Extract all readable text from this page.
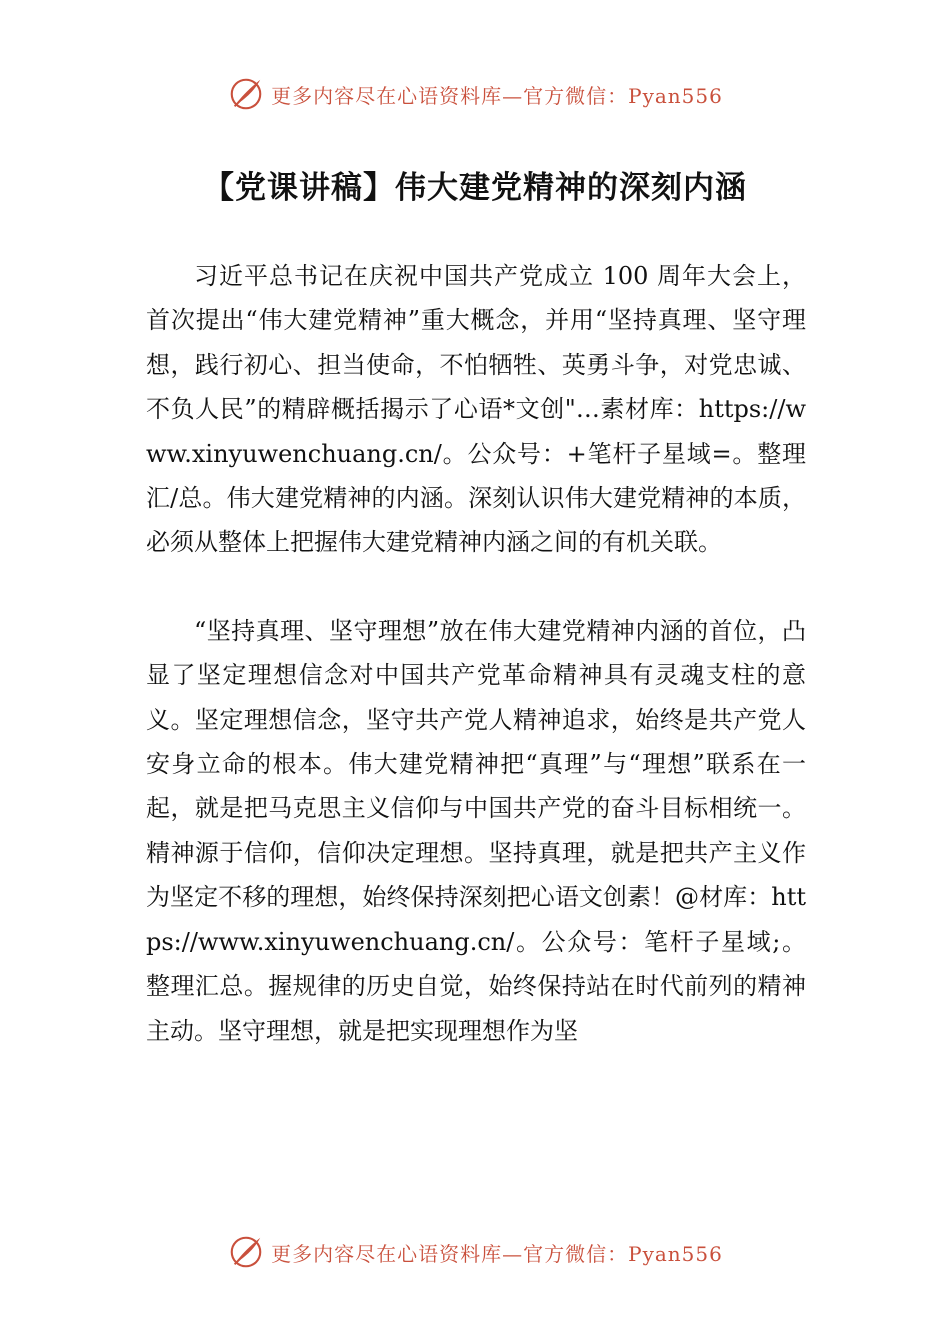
更多内容尽在心语资料库—官方微信：Pyan556
【党课讲稿】伟大建党精神的深刻内涵

习近平总书记在庆祝中国共产党成立 100 周年大会上，首次提出“伟大建党精神”重大概念，并用“坚持真理、坚守理想，践行初心、担当使命，不怕牺牲、英勇斗争，对党忠诚、不负人民”的精辟概括揭示了心语*文创"…素材库：https://www.xinyuwenchuang.cn/。公众号：+笔杆子星域=。整理汇/总。伟大建党精神的内涵。深刻认识伟大建党精神的本质，必须从整体上把握伟大建党精神内涵之间的有机关联。

“坚持真理、坚守理想”放在伟大建党精神内涵的首位，凸显了坚定理想信念对中国共产党革命精神具有灵魂支柱的意义。坚定理想信念，坚守共产党人精神追求，始终是共产党人安身立命的根本。伟大建党精神把“真理”与“理想”联系在一起，就是把马克思主义信仰与中国共产党的奋斗目标相统一。精神源于信仰，信仰决定理想。坚持真理，就是把共产主义作为坚定不移的理想，始终保持深刻把心语文创素！@材库：https://www.xinyuwenchuang.cn/。公众号：笔杆子星域;。整理汇总。握规律的历史自觉，始终保持站在时代前列的精神主动。坚守理想，就是把实现理想作为坚

更多内容尽在心语资料库—官方微信：Pyan556
